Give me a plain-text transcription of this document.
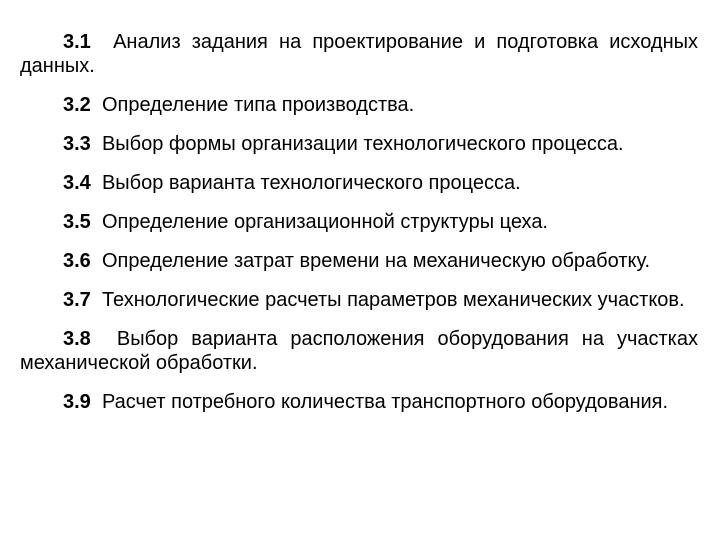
3.1 Анализ задания на проектирование и подготовка исходных данных.

3.2 Определение типа производства.

3.3 Выбор формы организации технологического процесса.

3.4 Выбор варианта технологического процесса.

3.5 Определение организационной структуры цеха.

3.6 Определение затрат времени на механическую обработку.

3.7 Технологические расчеты параметров механических участков.

3.8 Выбор варианта расположения оборудования на участках механической обработки.

3.9 Расчет потребного количества транспортного оборудования.
